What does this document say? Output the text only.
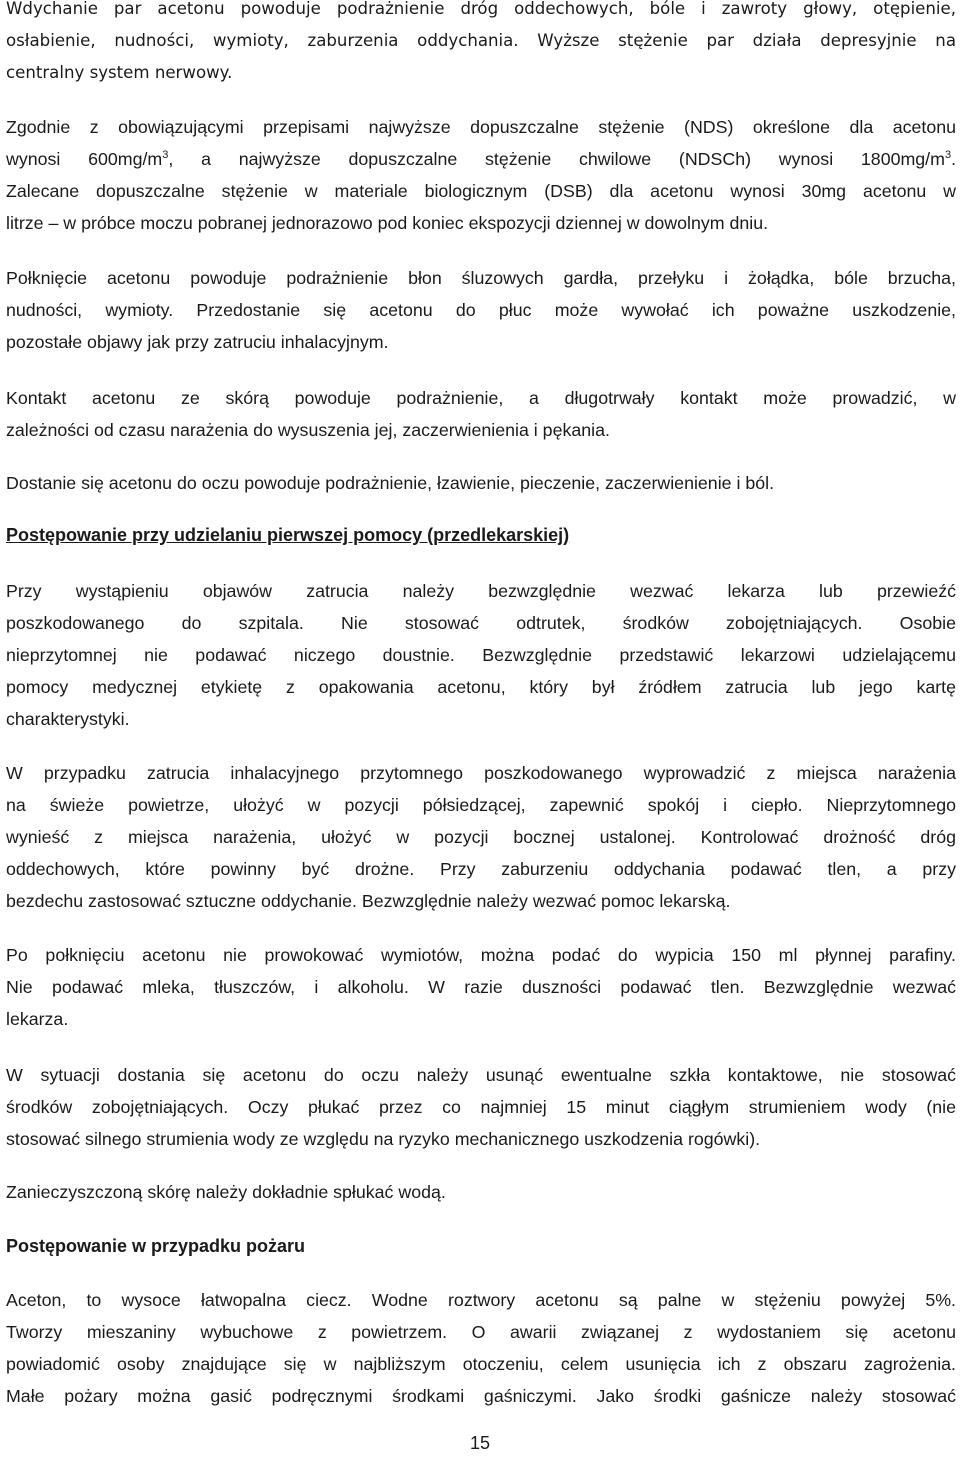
Wdychanie par acetonu powoduje podrażnienie dróg oddechowych, bóle i zawroty głowy, otępienie,
osłabienie, nudności, wymioty, zaburzenia oddychania. Wyższe stężenie par działa depresyjnie na
centralny system nerwowy.
Zgodnie z obowiązującymi przepisami najwyższe dopuszczalne stężenie (NDS) określone dla acetonu
wynosi $600mg/m^3$, a najwyższe dopuszczalne stężenie chwilowe (NDSCh) wynosi $1800mg/m^3$.
Zalecane dopuszczalne stężenie w materiale biologicznym (DSB) dla acetonu wynosi 30mg acetonu w
litrze – w próbce moczu pobranej jednorazowo pod koniec ekspozycji dziennej w dowolnym dniu.
Połknięcie acetonu powoduje podrażnienie błon śluzowych gardła, przełyku i żołądka, bóle brzucha,
nudności, wymioty. Przedostanie się acetonu do płuc może wywołać ich poważne uszkodzenie,
pozostałe objawy jak przy zatruciu inhalacyjnym.
Kontakt acetonu ze skórą powoduje podrażnienie, a długotrwały kontakt może prowadzić, w
zależności od czasu narażenia do wysuszenia jej, zaczerwienienia i pękania.
Dostanie się acetonu do oczu powoduje podrażnienie, łzawienie, pieczenie, zaczerwienienie i ból.
Postępowanie przy udzielaniu pierwszej pomocy (przedlekarskiej)
Przy wystąpieniu objawów zatrucia należy bezwzględnie wezwać lekarza lub przewieźć
poszkodowanego do szpitala. Nie stosować odtrutek, środków zobojętniających. Osobie
nieprzytomnej nie podawać niczego doustnie. Bezwzględnie przedstawić lekarzowi udzielającemu
pomocy medycznej etykietę z opakowania acetonu, który był źródłem zatrucia lub jego kartę
charakterystyki.
W przypadku zatrucia inhalacyjnego przytomnego poszkodowanego wyprowadzić z miejsca narażenia
na świeże powietrze, ułożyć w pozycji półsiedzącej, zapewnić spokój i ciepło. Nieprzytomnego
wynieść z miejsca narażenia, ułożyć w pozycji bocznej ustalonej. Kontrolować drożność dróg
oddechowych, które powinny być drożne. Przy zaburzeniu oddychania podawać tlen, a przy
bezdechu zastosować sztuczne oddychanie. Bezwzględnie należy wezwać pomoc lekarską.
Po połknięciu acetonu nie prowokować wymiotów, można podać do wypicia 150 ml płynnej parafiny.
Nie podawać mleka, tłuszczów, i alkoholu. W razie duszności podawać tlen. Bezwzględnie wezwać
lekarza.
W sytuacji dostania się acetonu do oczu należy usunąć ewentualne szkła kontaktowe, nie stosować
środków zobojętniających. Oczy płukać przez co najmniej 15 minut ciągłym strumieniem wody (nie
stosować silnego strumienia wody ze względu na ryzyko mechanicznego uszkodzenia rogówki).
Zanieczyszczoną skórę należy dokładnie spłukać wodą.
Postępowanie w przypadku pożaru
Aceton, to wysoce łatwopalna ciecz. Wodne roztwory acetonu są palne w stężeniu powyżej 5%.
Tworzy mieszaniny wybuchowe z powietrzem. O awarii związanej z wydostaniem się acetonu
powiadomić osoby znajdujące się w najbliższym otoczeniu, celem usunięcia ich z obszaru zagrożenia.
Małe pożary można gasić podręcznymi środkami gaśniczymi. Jako środki gaśnicze należy stosować
15
